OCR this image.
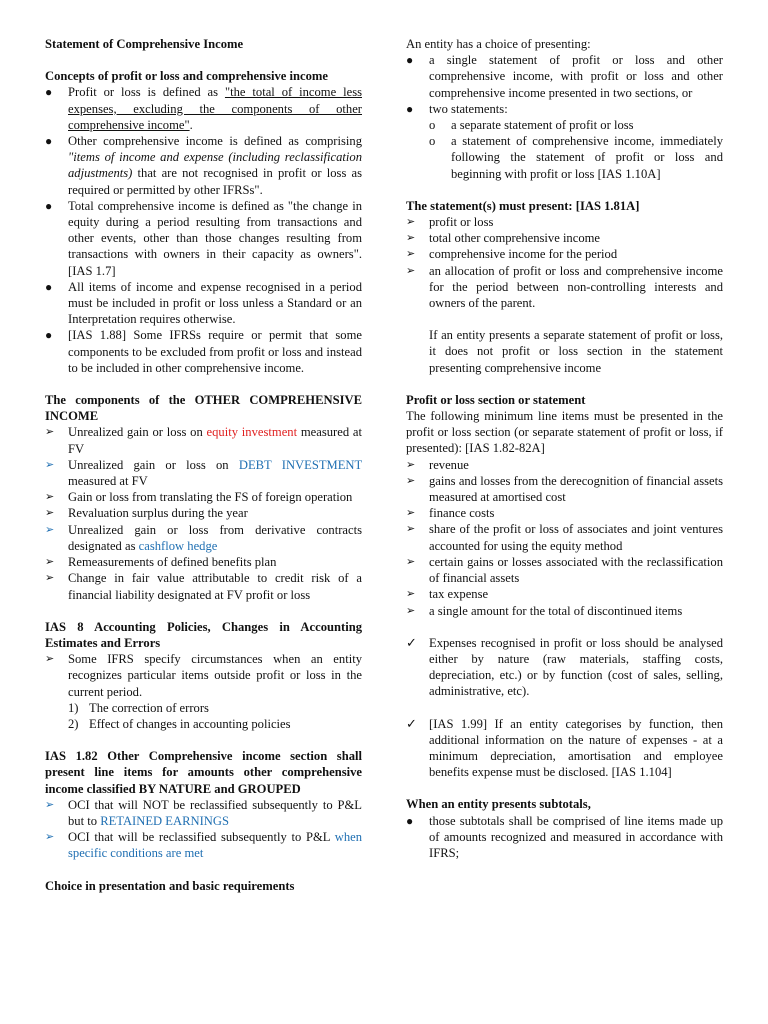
Statement of Comprehensive Income

Concepts of profit or loss and comprehensive income

●	Profit or loss is defined as "the total of income less expenses, excluding the components of other comprehensive income".
●	Other comprehensive income is defined as comprising "items of income and expense (including reclassification adjustments) that are not recognised in profit or loss as required or permitted by other IFRSs".
●	Total comprehensive income is defined as "the change in equity during a period resulting from transactions and other events, other than those changes resulting from transactions with owners in their capacity as owners". [IAS 1.7]
●	All items of income and expense recognised in a period must be included in profit or loss unless a Standard or an Interpretation requires otherwise.
●	[IAS 1.88] Some IFRSs require or permit that some components to be excluded from profit or loss and instead to be included in other comprehensive income.

The components of the OTHER COMPREHENSIVE INCOME

➢	Unrealized gain or loss on equity investment measured at FV
➢	Unrealized gain or loss on DEBT INVESTMENT measured at FV
➢	Gain or loss from translating the FS of foreign operation
➢	Revaluation surplus during the year
➢	Unrealized gain or loss from derivative contracts designated as cashflow hedge
➢	Remeasurements of defined benefits plan
➢	Change in fair value attributable to credit risk of a financial liability designated at FV profit or loss

IAS 8 Accounting Policies, Changes in Accounting Estimates and Errors

➢	Some IFRS specify circumstances when an entity recognizes particular items outside profit or loss in the current period.
1) The correction of errors
2) Effect of changes in accounting policies

IAS 1.82 Other Comprehensive income section shall present line items for amounts other comprehensive income classified BY NATURE and GROUPED

➢	OCI that will NOT be reclassified subsequently to P&L but to RETAINED EARNINGS
➢	OCI that will be reclassified subsequently to P&L when specific conditions are met

Choice in presentation and basic requirements

An entity has a choice of presenting:

●	a single statement of profit or loss and other comprehensive income, with profit or loss and other comprehensive income presented in two sections, or
●	two statements:
o a separate statement of profit or loss
o a statement of comprehensive income, immediately following the statement of profit or loss and beginning with profit or loss [IAS 1.10A]

The statement(s) must present: [IAS 1.81A]

➢	profit or loss
➢	total other comprehensive income
➢	comprehensive income for the period
➢	an allocation of profit or loss and comprehensive income for the period between non-controlling interests and owners of the parent.

If an entity presents a separate statement of profit or loss, it does not profit or loss section in the statement presenting comprehensive income

Profit or loss section or statement

The following minimum line items must be presented in the profit or loss section (or separate statement of profit or loss, if presented): [IAS 1.82-82A]

➢	revenue
➢	gains and losses from the derecognition of financial assets measured at amortised cost
➢	finance costs
➢	share of the profit or loss of associates and joint ventures accounted for using the equity method
➢	certain gains or losses associated with the reclassification of financial assets
➢	tax expense
➢	a single amount for the total of discontinued items
✓ Expenses recognised in profit or loss should be analysed either by nature (raw materials, staffing costs, depreciation, etc.) or by function (cost of sales, selling, administrative, etc).
✓ [IAS 1.99] If an entity categorises by function, then additional information on the nature of expenses - at a minimum depreciation, amortisation and employee benefits expense must be disclosed. [IAS 1.104]

When an entity presents subtotals,

●	those subtotals shall be comprised of line items made up of amounts recognized and measured in accordance with IFRS;
